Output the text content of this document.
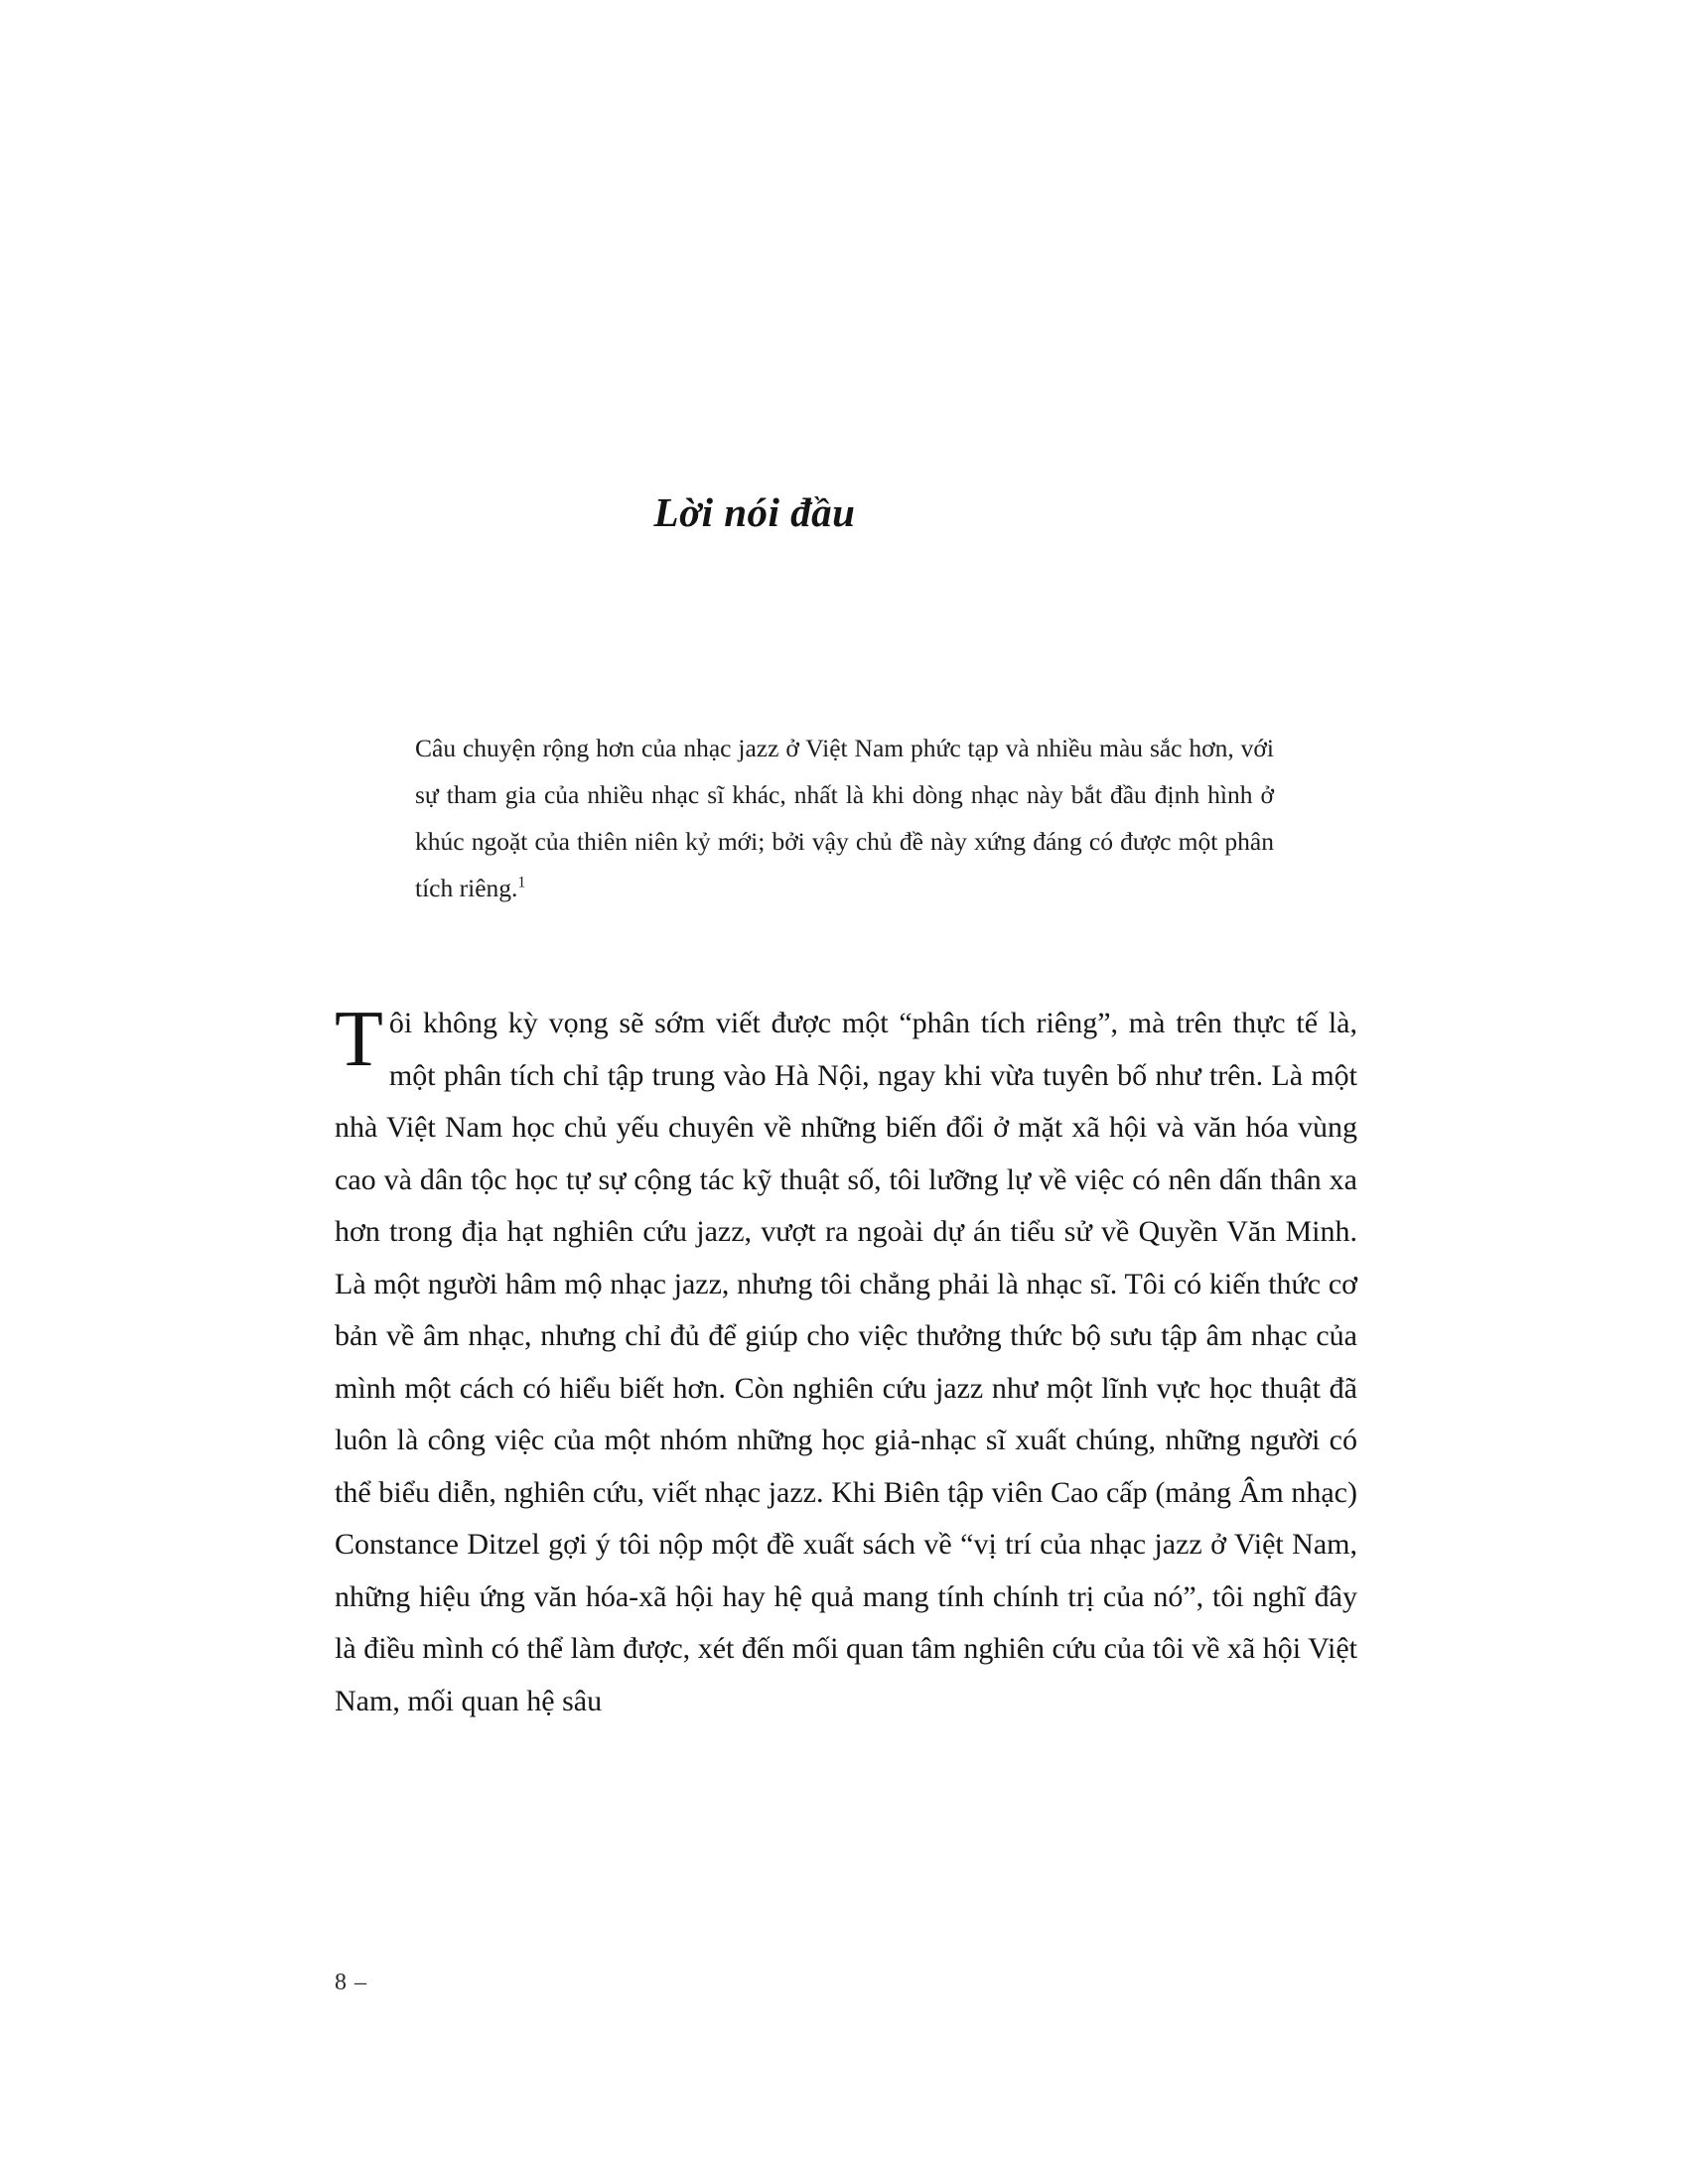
Lời nói đầu
Câu chuyện rộng hơn của nhạc jazz ở Việt Nam phức tạp và nhiều màu sắc hơn, với sự tham gia của nhiều nhạc sĩ khác, nhất là khi dòng nhạc này bắt đầu định hình ở khúc ngoặt của thiên niên kỷ mới; bởi vậy chủ đề này xứng đáng có được một phân tích riêng.$^1$

Tôi không kỳ vọng sẽ sớm viết được một “phân tích riêng”, mà trên thực tế là, một phân tích chỉ tập trung vào Hà Nội, ngay khi vừa tuyên bố như trên. Là một nhà Việt Nam học chủ yếu chuyên về những biến đổi ở mặt xã hội và văn hóa vùng cao và dân tộc học tự sự cộng tác kỹ thuật số, tôi lưỡng lự về việc có nên dấn thân xa hơn trong địa hạt nghiên cứu jazz, vượt ra ngoài dự án tiểu sử về Quyền Văn Minh. Là một người hâm mộ nhạc jazz, nhưng tôi chẳng phải là nhạc sĩ. Tôi có kiến thức cơ bản về âm nhạc, nhưng chỉ đủ để giúp cho việc thưởng thức bộ sưu tập âm nhạc của mình một cách có hiểu biết hơn. Còn nghiên cứu jazz như một lĩnh vực học thuật đã luôn là công việc của một nhóm những học giả-nhạc sĩ xuất chúng, những người có thể biểu diễn, nghiên cứu, viết nhạc jazz. Khi Biên tập viên Cao cấp (mảng Âm nhạc) Constance Ditzel gợi ý tôi nộp một đề xuất sách về “vị trí của nhạc jazz ở Việt Nam, những hiệu ứng văn hóa-xã hội hay hệ quả mang tính chính trị của nó”, tôi nghĩ đây là điều mình có thể làm được, xét đến mối quan tâm nghiên cứu của tôi về xã hội Việt Nam, mối quan hệ sâu

8 –
